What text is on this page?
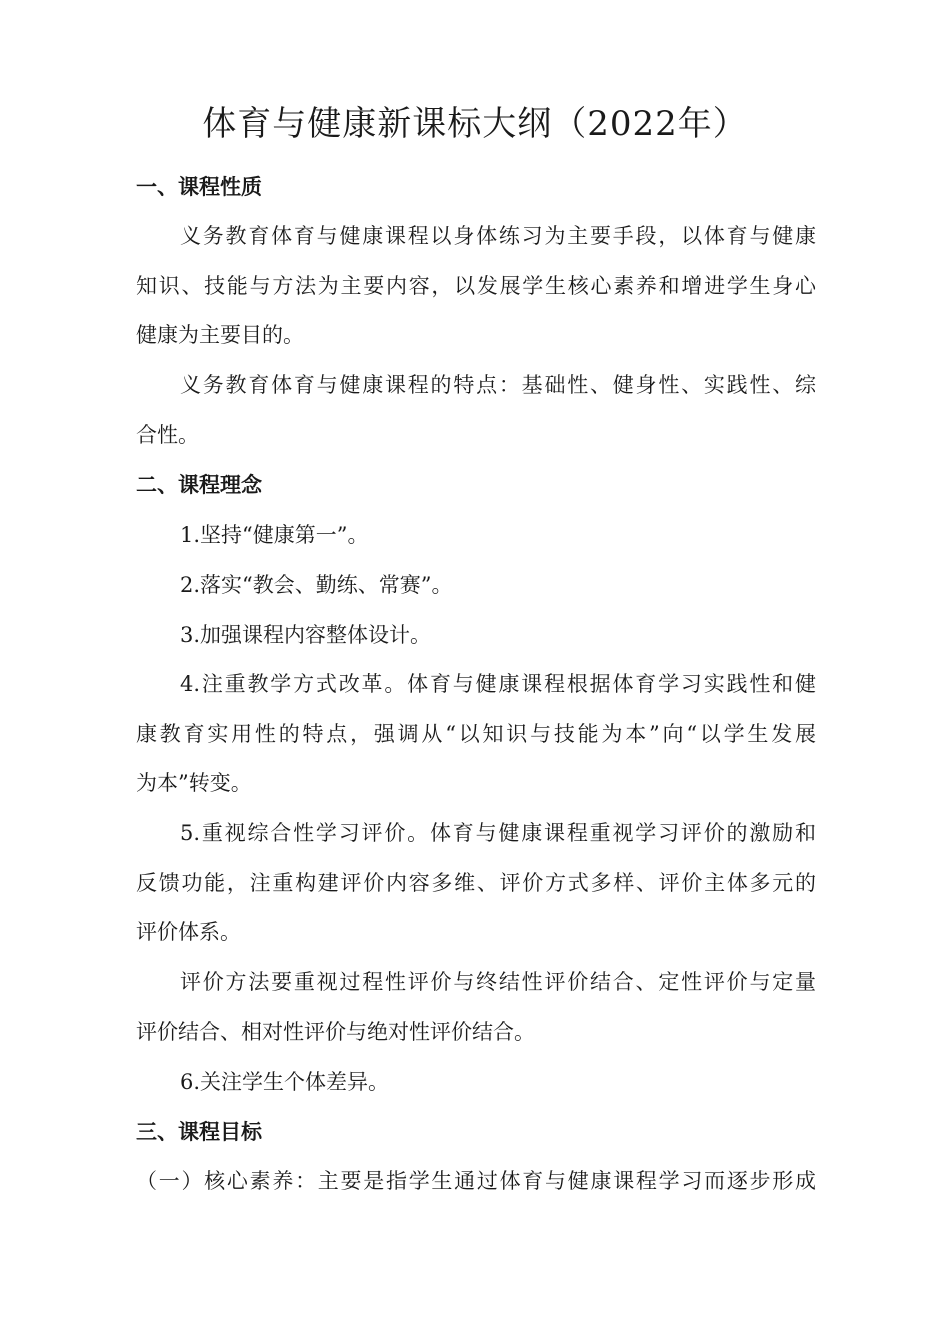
体育与健康新课标大纲（2022年）
一、课程性质

义务教育体育与健康课程以身体练习为主要手段，以体育与健康

知识、技能与方法为主要内容，以发展学生核心素养和增进学生身心

健康为主要目的。

义务教育体育与健康课程的特点：基础性、健身性、实践性、综

合性。

二、课程理念

1.坚持“健康第一”。

2.落实“教会、勤练、常赛”。

3.加强课程内容整体设计。

4.注重教学方式改革。体育与健康课程根据体育学习实践性和健

康教育实用性的特点，强调从“以知识与技能为本”向“以学生发展

为本”转变。

5.重视综合性学习评价。体育与健康课程重视学习评价的激励和

反馈功能，注重构建评价内容多维、评价方式多样、评价主体多元的

评价体系。

评价方法要重视过程性评价与终结性评价结合、定性评价与定量

评价结合、相对性评价与绝对性评价结合。

6.关注学生个体差异。

三、课程目标

（一）核心素养：主要是指学生通过体育与健康课程学习而逐步形成
